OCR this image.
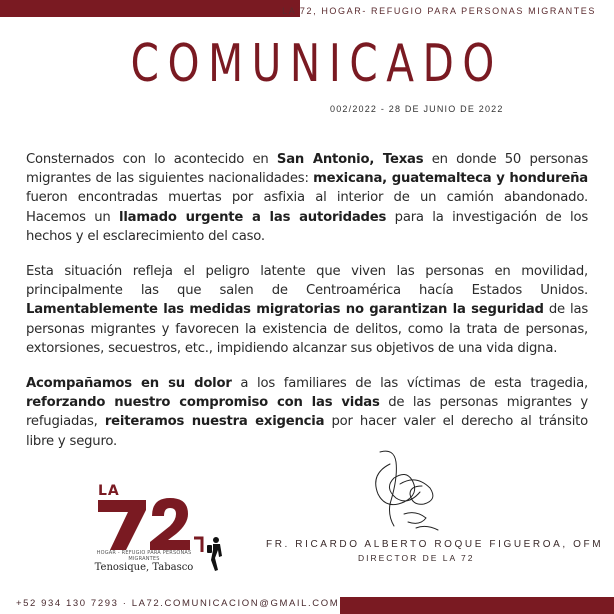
LA 72, HOGAR- REFUGIO PARA PERSONAS MIGRANTES
COMUNICADO
002/2022 - 28 DE JUNIO DE 2022
Consternados con lo acontecido en San Antonio, Texas en donde 50 personas migrantes de las siguientes nacionalidades: mexicana, guatemalteca y hondureña fueron encontradas muertas por asfixia al interior de un camión abandonado. Hacemos un llamado urgente a las autoridades para la investigación de los hechos y el esclarecimiento del caso.
Esta situación refleja el peligro latente que viven las personas en movilidad, principalmente las que salen de Centroamérica hacía Estados Unidos. Lamentablemente las medidas migratorias no garantizan la seguridad de las personas migrantes y favorecen la existencia de delitos, como la trata de personas, extorsiones, secuestros, etc., impidiendo alcanzar sus objetivos de una vida digna.
Acompañamos en su dolor a los familiares de las víctimas de esta tragedia, reforzando nuestro compromiso con las vidas de las personas migrantes y refugiadas, reiteramos nuestra exigencia por hacer valer el derecho al tránsito libre y seguro.
LA
HOGAR - REFUGIO PARA PERSONAS MIGRANTES
Tenosique, Tabasco
FR. RICARDO ALBERTO ROQUE FIGUEROA, OFM
DIRECTOR DE LA 72
+52 934 130 7293 · LA72.COMUNICACION@GMAIL.COM
